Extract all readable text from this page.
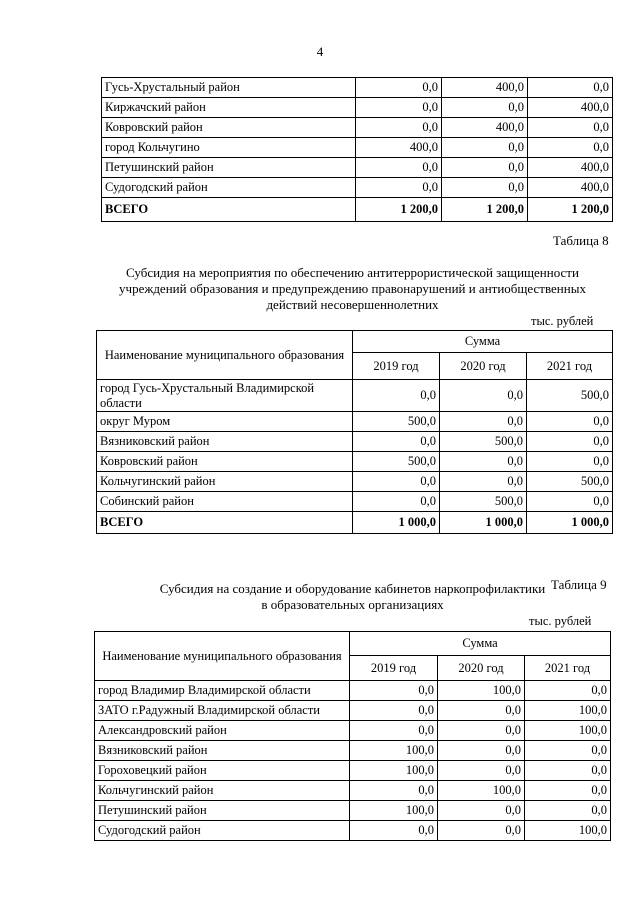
4
Гусь-Хрустальный район	0,0	400,0	0,0
Киржачский район	0,0	0,0	400,0
Ковровский район	0,0	400,0	0,0
город Кольчугино	400,0	0,0	0,0
Петушинский район	0,0	0,0	400,0
Судогодский район	0,0	0,0	400,0
ВСЕГО	1 200,0	1 200,0	1 200,0
Таблица 8
Субсидия на мероприятия по обеспечению антитеррористической защищенности
учреждений образования и предупреждению правонарушений и антиобщественных
действий несовершеннолетних
тыс. рублей
Наименование муниципального образования	Сумма		
	2019 год	2020 год	2021 год
город Гусь-Хрустальный Владимирской области	0,0	0,0	500,0
округ Муром	500,0	0,0	0,0
Вязниковский район	0,0	500,0	0,0
Ковровский район	500,0	0,0	0,0
Кольчугинский район	0,0	0,0	500,0
Собинский район	0,0	500,0	0,0
ВСЕГО	1 000,0	1 000,0	1 000,0
Таблица 9
Субсидия на создание и оборудование кабинетов наркопрофилактики
в образовательных организациях
тыс. рублей
Наименование муниципального образования	Сумма		
	2019 год	2020 год	2021 год
город Владимир Владимирской области	0,0	100,0	0,0
ЗАТО г.Радужный Владимирской области	0,0	0,0	100,0
Александровский район	0,0	0,0	100,0
Вязниковский район	100,0	0,0	0,0
Гороховецкий район	100,0	0,0	0,0
Кольчугинский район	0,0	100,0	0,0
Петушинский район	100,0	0,0	0,0
Судогодский район	0,0	0,0	100,0
